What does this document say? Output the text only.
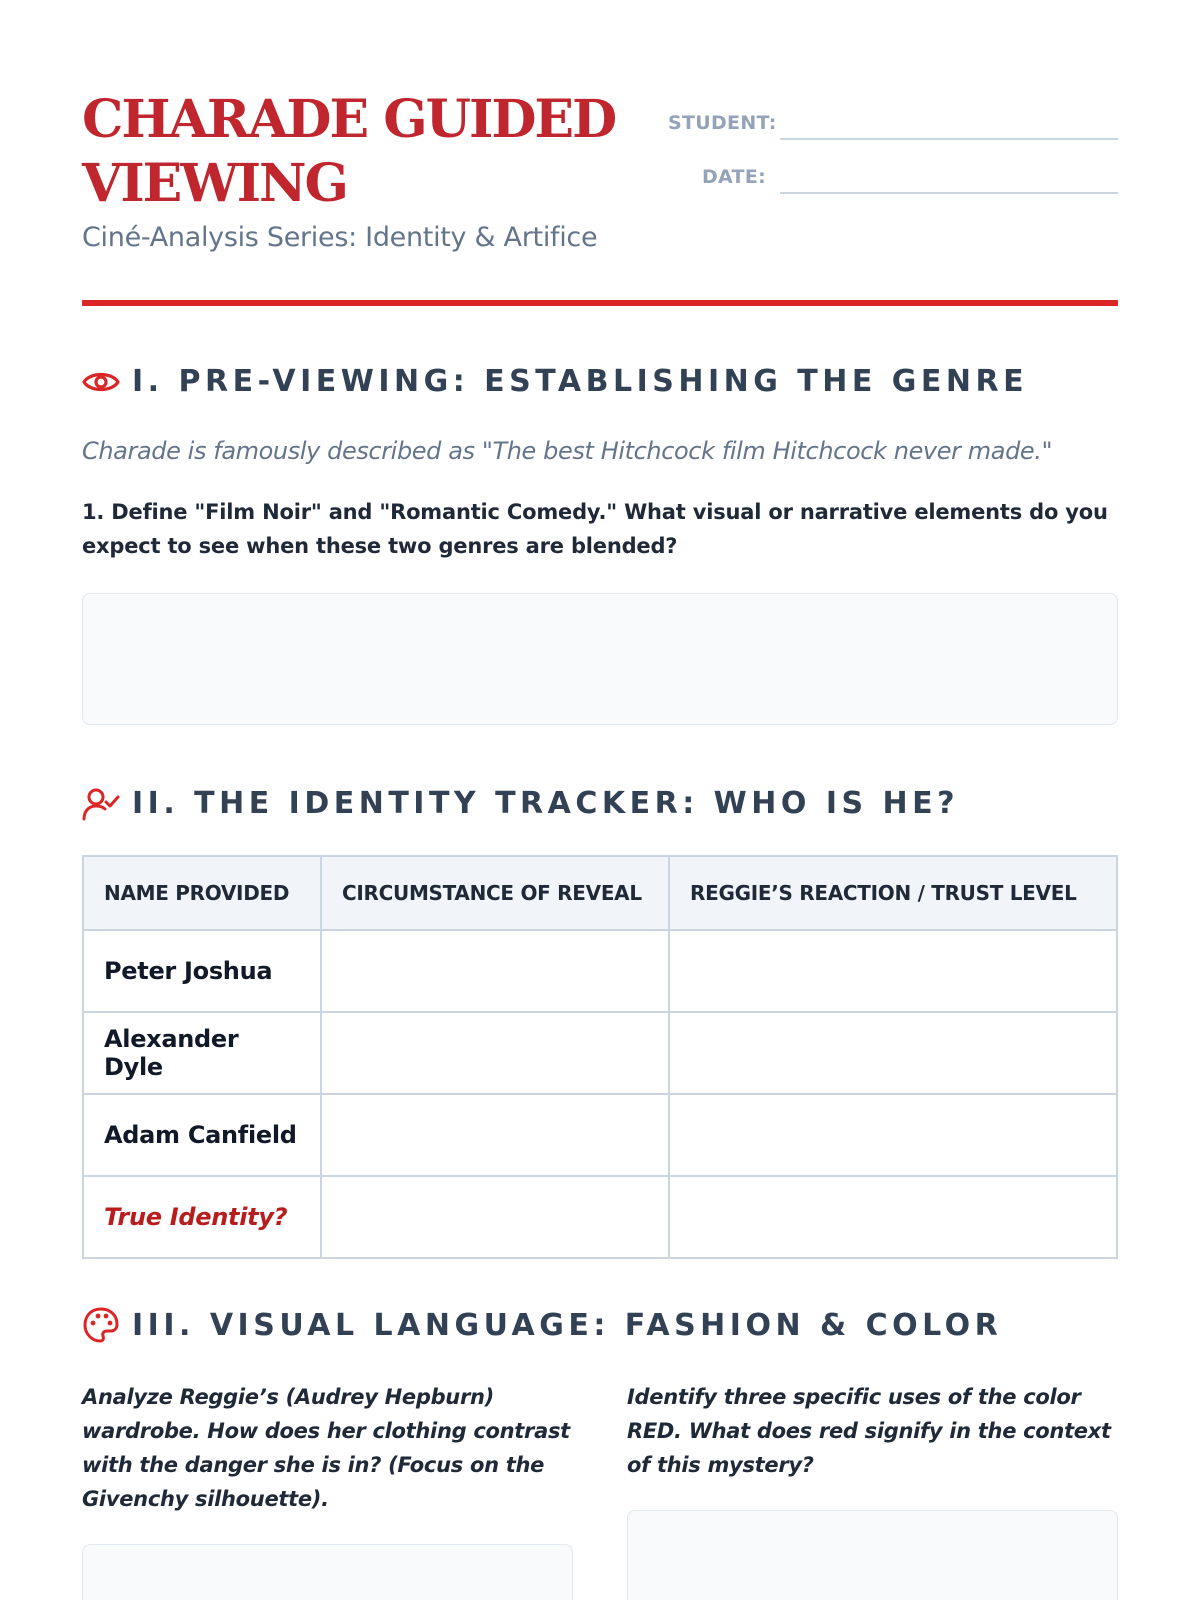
CHARADE GUIDED VIEWING
Ciné-Analysis Series: Identity & Artifice
STUDENT:
DATE:
I. PRE-VIEWING: ESTABLISHING THE GENRE

Charade is famously described as "The best Hitchcock film Hitchcock never made."

1. Define "Film Noir" and "Romantic Comedy." What visual or narrative elements do you expect to see when these two genres are blended?

II. THE IDENTITY TRACKER: WHO IS HE?
NAME PROVIDED	CIRCUMSTANCE OF REVEAL	REGGIE’S REACTION / TRUST LEVEL
Peter Joshua		
Alexander Dyle		
Adam Canfield		
True Identity?		
III. VISUAL LANGUAGE: FASHION & COLOR

Analyze Reggie’s (Audrey Hepburn) wardrobe. How does her clothing contrast with the danger she is in? (Focus on the Givenchy silhouette).

Identify three specific uses of the color RED. What does red signify in the context of this mystery?
